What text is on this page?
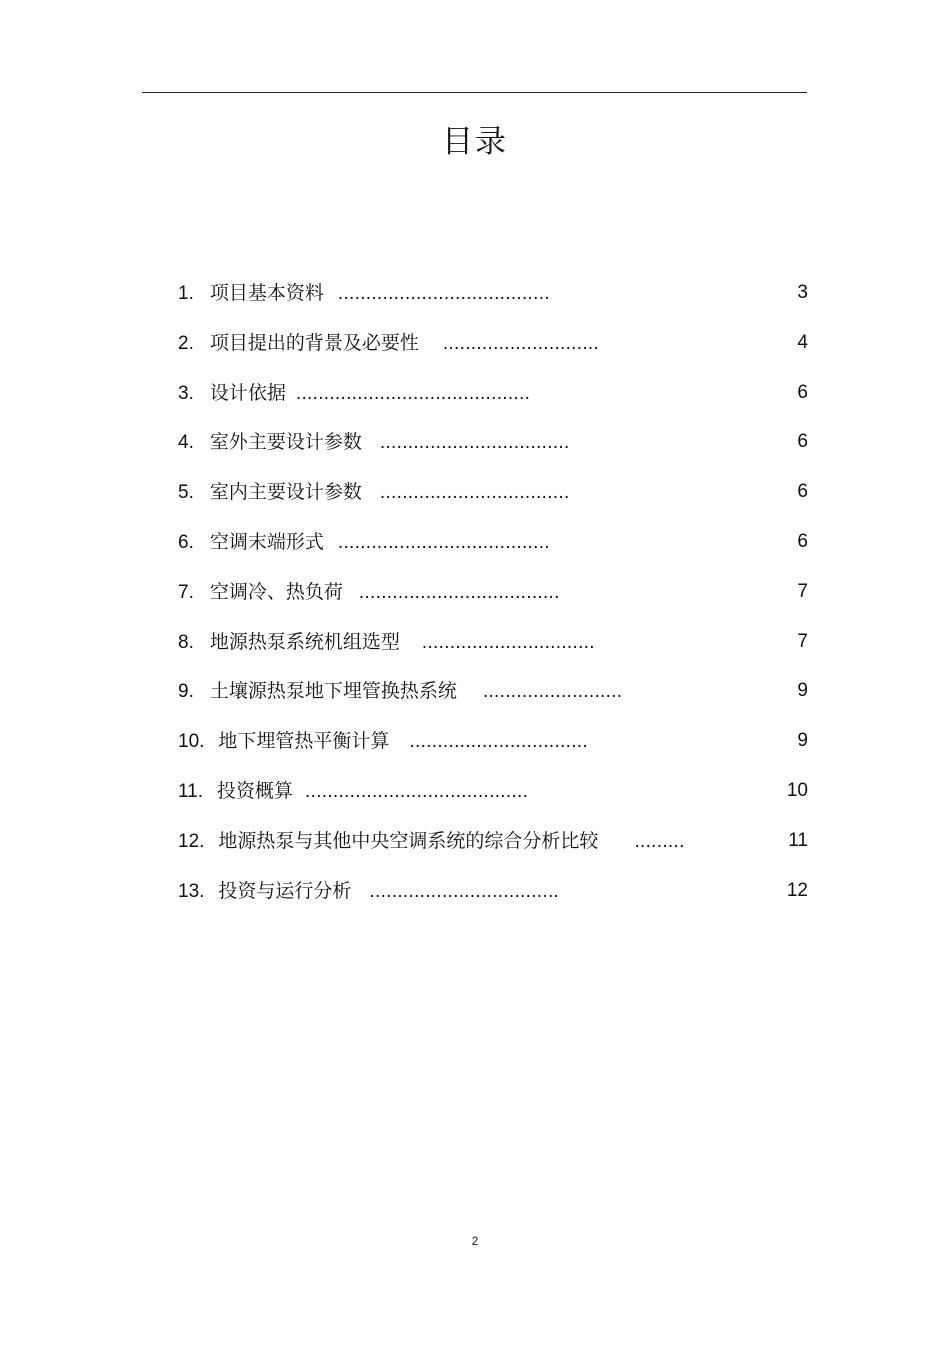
目录
1. 项目基本资料 ......................................	3
2. 项目提出的背景及必要性 ............................	4
3. 设计依据 ..........................................	6
4. 室外主要设计参数 ..................................	6
5. 室内主要设计参数 ..................................	6
6. 空调末端形式 ......................................	6
7. 空调冷、热负荷 ....................................	7
8. 地源热泵系统机组选型 ...............................	7
9. 土壤源热泵地下埋管换热系统 .........................	9
10. 地下埋管热平衡计算 ................................	9
11. 投资概算 ........................................	10
12. 地源热泵与其他中央空调系统的综合分析比较 .........	11
13. 投资与运行分析 ..................................	12
2
